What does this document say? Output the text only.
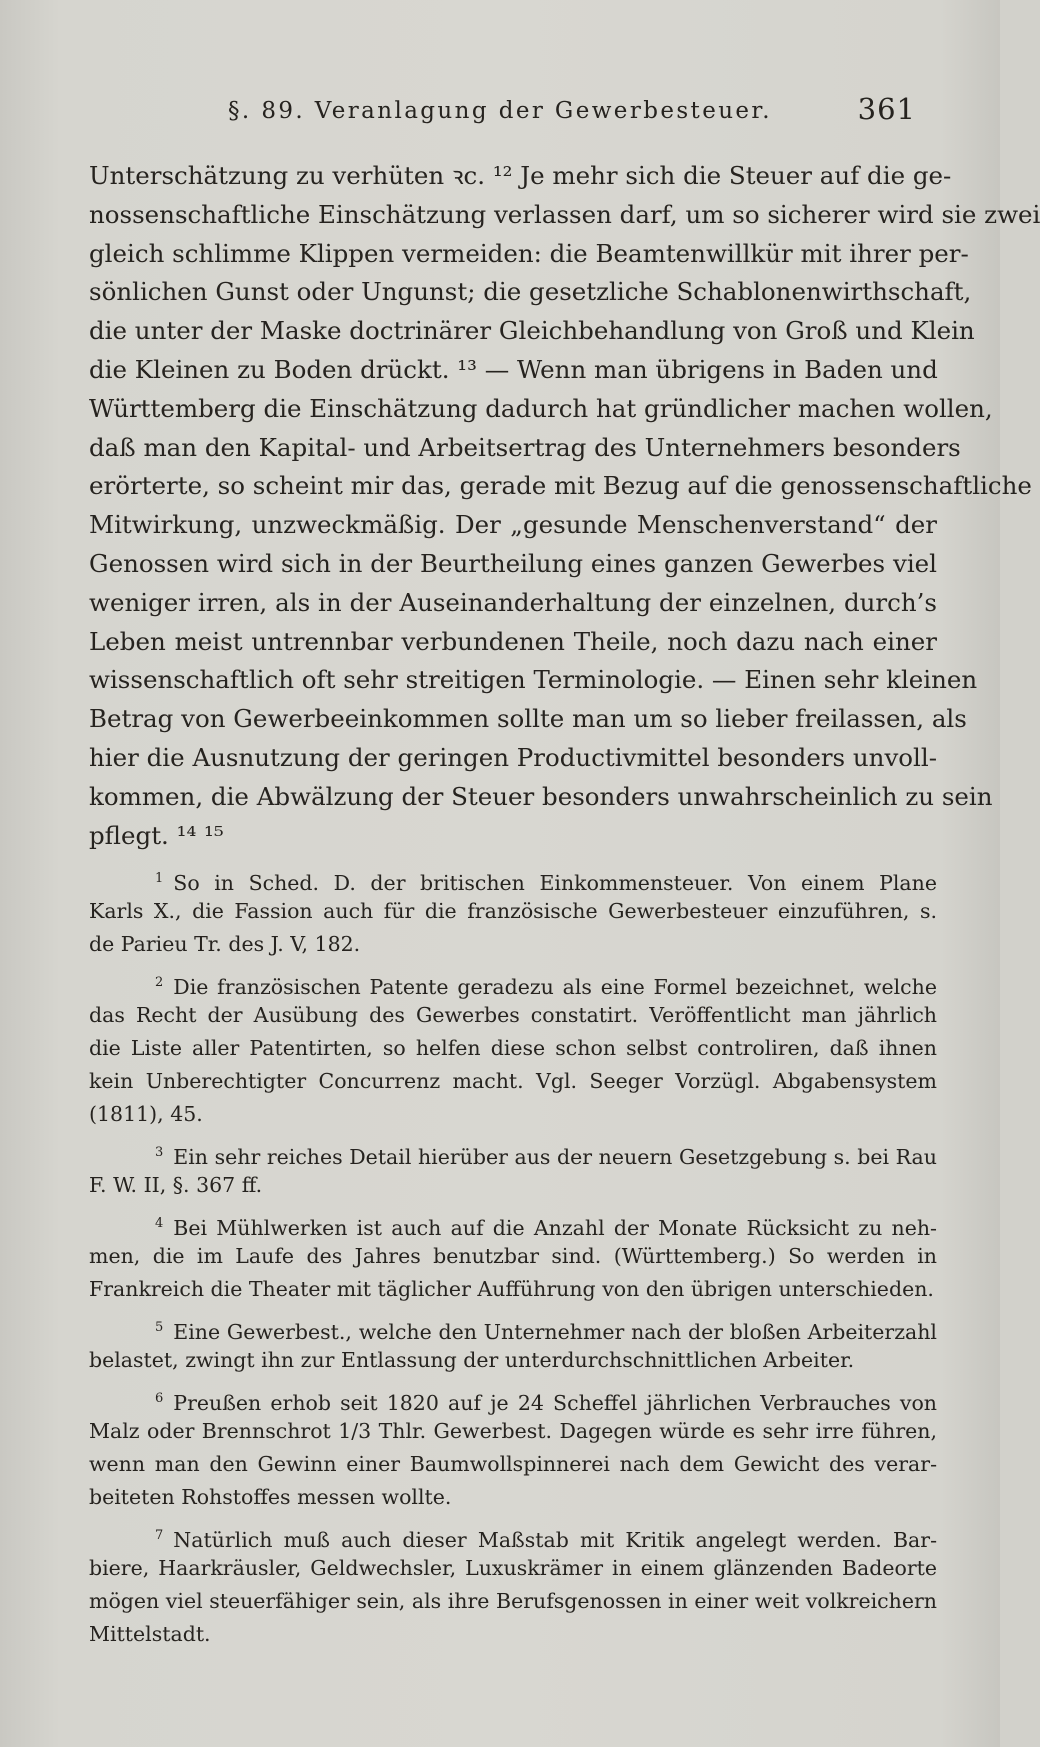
§. 89. Veranlagung der Gewerbesteuer.	361
Unterschätzung zu verhüten ꝛc. ¹² Je mehr sich die Steuer auf die ge-
nossenschaftliche Einschätzung verlassen darf, um so sicherer wird sie zwei
gleich schlimme Klippen vermeiden: die Beamtenwillkür mit ihrer per-
sönlichen Gunst oder Ungunst; die gesetzliche Schablonenwirthschaft,
die unter der Maske doctrinärer Gleichbehandlung von Groß und Klein
die Kleinen zu Boden drückt. ¹³ — Wenn man übrigens in Baden und
Württemberg die Einschätzung dadurch hat gründlicher machen wollen,
daß man den Kapital- und Arbeitsertrag des Unternehmers besonders
erörterte, so scheint mir das, gerade mit Bezug auf die genossenschaftliche
Mitwirkung, unzweckmäßig. Der „gesunde Menschenverstand“ der
Genossen wird sich in der Beurtheilung eines ganzen Gewerbes viel
weniger irren, als in der Auseinanderhaltung der einzelnen, durch’s
Leben meist untrennbar verbundenen Theile, noch dazu nach einer
wissenschaftlich oft sehr streitigen Terminologie. — Einen sehr kleinen
Betrag von Gewerbeeinkommen sollte man um so lieber freilassen, als
hier die Ausnutzung der geringen Productivmittel besonders unvoll-
kommen, die Abwälzung der Steuer besonders unwahrscheinlich zu sein
pflegt. ¹⁴ ¹⁵
$^1$ So in Sched. D. der britischen Einkommensteuer. Von einem Plane
Karls X., die Fassion auch für die französische Gewerbesteuer einzuführen, s.
de Parieu Tr. des J. V, 182.
$^2$ Die französischen Patente geradezu als eine Formel bezeichnet, welche
das Recht der Ausübung des Gewerbes constatirt. Veröffentlicht man jährlich
die Liste aller Patentirten, so helfen diese schon selbst controliren, daß ihnen
kein Unberechtigter Concurrenz macht. Vgl. Seeger Vorzügl. Abgabensystem
(1811), 45.
$^3$ Ein sehr reiches Detail hierüber aus der neuern Gesetzgebung s. bei Rau
F. W. II, §. 367 ff.
$^4$ Bei Mühlwerken ist auch auf die Anzahl der Monate Rücksicht zu neh-
men, die im Laufe des Jahres benutzbar sind. (Württemberg.) So werden in
Frankreich die Theater mit täglicher Aufführung von den übrigen unterschieden.
$^5$ Eine Gewerbest., welche den Unternehmer nach der bloßen Arbeiterzahl
belastet, zwingt ihn zur Entlassung der unterdurchschnittlichen Arbeiter.
$^6$ Preußen erhob seit 1820 auf je 24 Scheffel jährlichen Verbrauches von
Malz oder Brennschrot 1/3 Thlr. Gewerbest. Dagegen würde es sehr irre führen,
wenn man den Gewinn einer Baumwollspinnerei nach dem Gewicht des verar-
beiteten Rohstoffes messen wollte.
$^7$ Natürlich muß auch dieser Maßstab mit Kritik angelegt werden. Bar-
biere, Haarkräusler, Geldwechsler, Luxuskrämer in einem glänzenden Badeorte
mögen viel steuerfähiger sein, als ihre Berufsgenossen in einer weit volkreichern
Mittelstadt.
